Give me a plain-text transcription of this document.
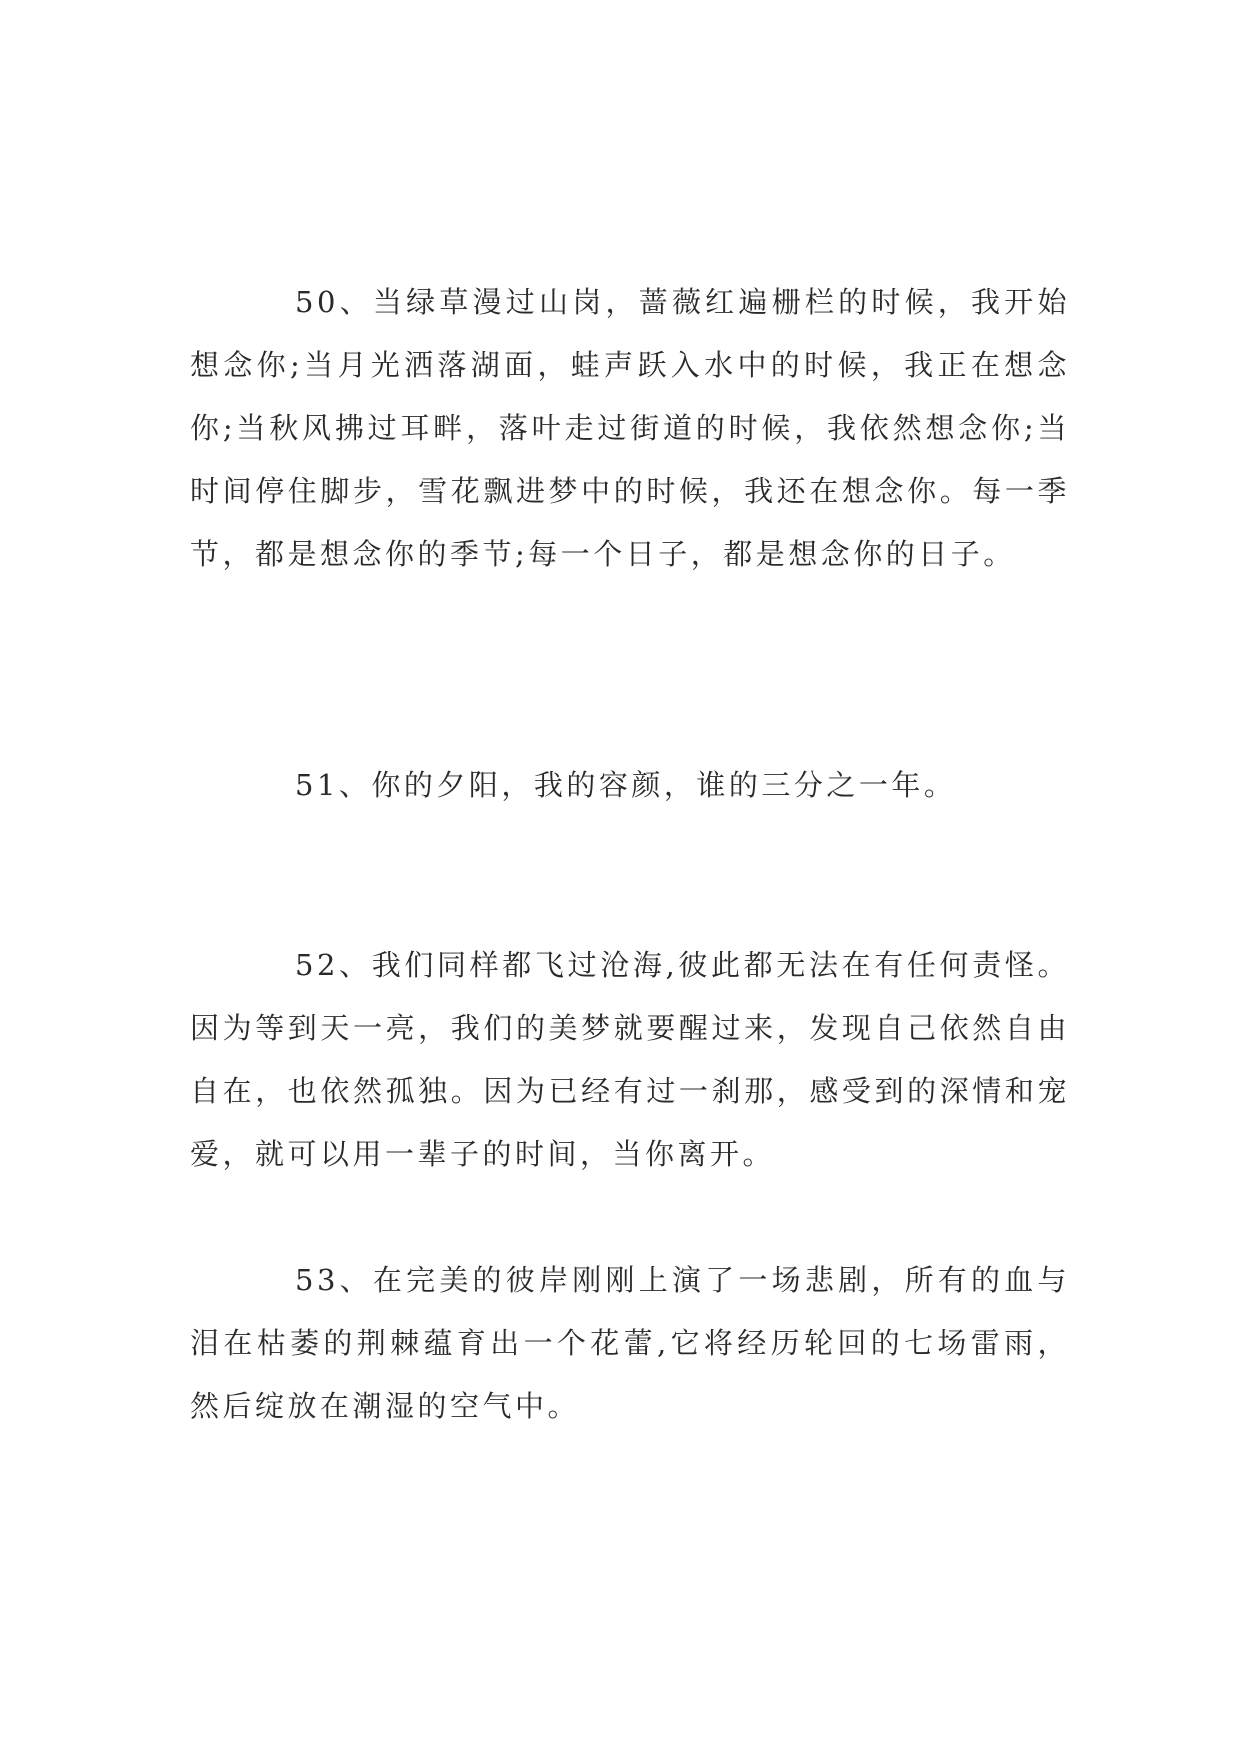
50、当绿草漫过山岗，蔷薇红遍栅栏的时候，我开始想念你;当月光洒落湖面，蛙声跃入水中的时候，我正在想念你;当秋风拂过耳畔，落叶走过街道的时候，我依然想念你;当时间停住脚步，雪花飘进梦中的时候，我还在想念你。每一季节，都是想念你的季节;每一个日子，都是想念你的日子。

51、你的夕阳，我的容颜，谁的三分之一年。

52、我们同样都飞过沧海,彼此都无法在有任何责怪。因为等到天一亮，我们的美梦就要醒过来，发现自己依然自由自在，也依然孤独。因为已经有过一刹那，感受到的深情和宠爱，就可以用一辈子的时间，当你离开。

53、在完美的彼岸刚刚上演了一场悲剧，所有的血与泪在枯萎的荆棘蕴育出一个花蕾,它将经历轮回的七场雷雨，然后绽放在潮湿的空气中。
